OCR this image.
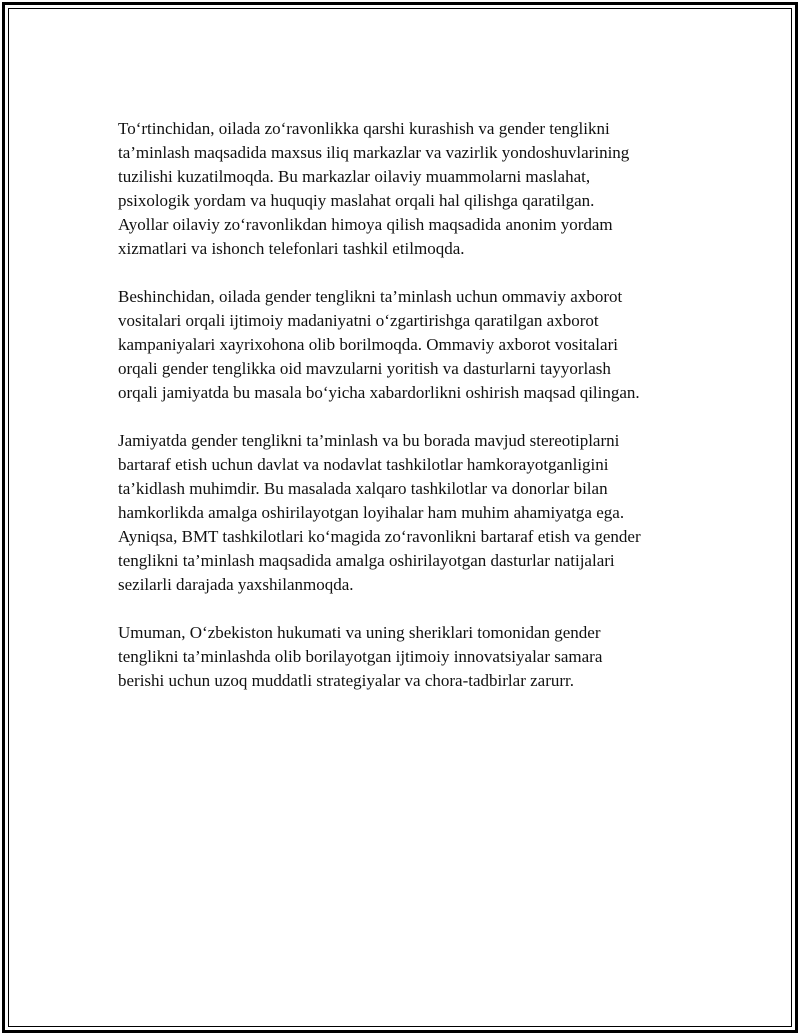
To‘rtinchidan, oilada zo‘ravonlikka qarshi kurashish va gender tenglikni
ta’minlash maqsadida maxsus iliq markazlar va vazirlik yondoshuvlarining
tuzilishi kuzatilmoqda. Bu markazlar oilaviy muammolarni maslahat,
psixologik yordam va huquqiy maslahat orqali hal qilishga qaratilgan.
Ayollar oilaviy zo‘ravonlikdan himoya qilish maqsadida anonim yordam
xizmatlari va ishonch telefonlari tashkil etilmoqda.

Beshinchidan, oilada gender tenglikni ta’minlash uchun ommaviy axborot
vositalari orqali ijtimoiy madaniyatni o‘zgartirishga qaratilgan axborot
kampaniyalari xayrixohona olib borilmoqda. Ommaviy axborot vositalari
orqali gender tenglikka oid mavzularni yoritish va dasturlarni tayyorlash
orqali jamiyatda bu masala bo‘yicha xabardorlikni oshirish maqsad qilingan.

Jamiyatda gender tenglikni ta’minlash va bu borada mavjud stereotiplarni
bartaraf etish uchun davlat va nodavlat tashkilotlar hamkorayotganligini
ta’kidlash muhimdir. Bu masalada xalqaro tashkilotlar va donorlar bilan
hamkorlikda amalga oshirilayotgan loyihalar ham muhim ahamiyatga ega.
Ayniqsa, BMT tashkilotlari ko‘magida zo‘ravonlikni bartaraf etish va gender
tenglikni ta’minlash maqsadida amalga oshirilayotgan dasturlar natijalari
sezilarli darajada yaxshilanmoqda.

Umuman, O‘zbekiston hukumati va uning sheriklari tomonidan gender
tenglikni ta’minlashda olib borilayotgan ijtimoiy innovatsiyalar samara
berishi uchun uzoq muddatli strategiyalar va chora-tadbirlar zarurr.
